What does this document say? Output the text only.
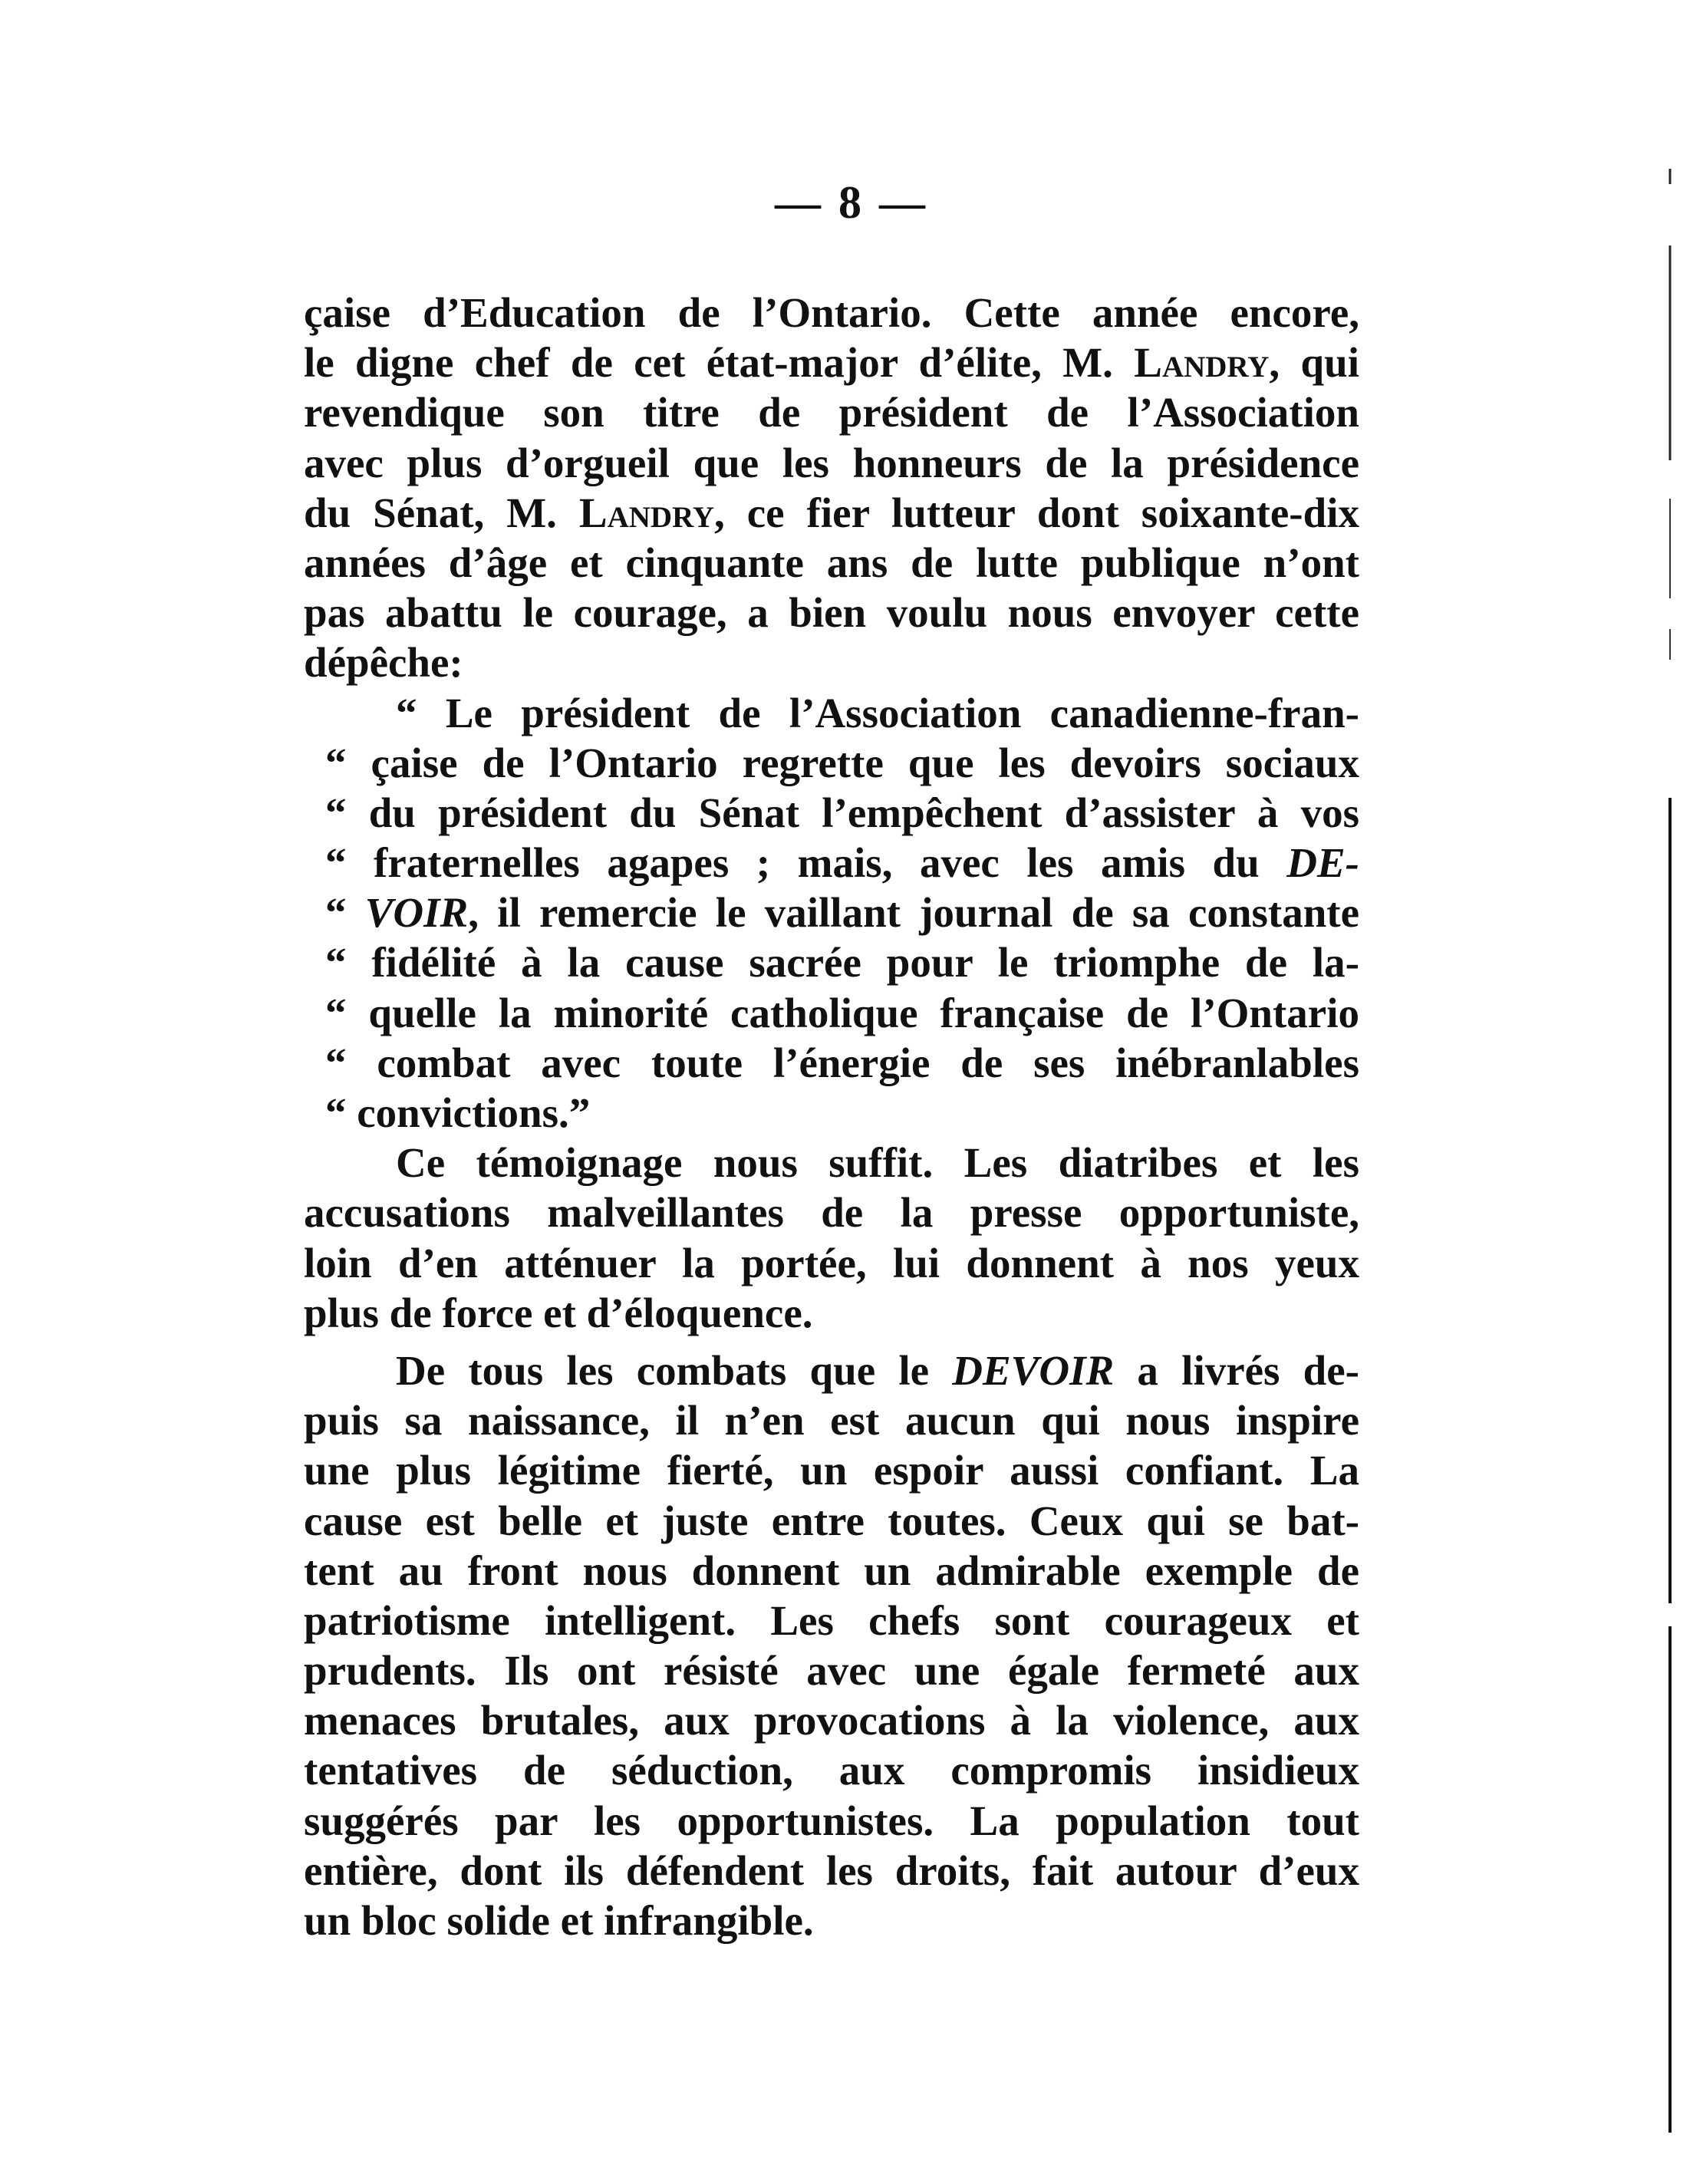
— 8 —
çaise d’Education de l’Ontario. Cette année encore,
le digne chef de cet état-major d’élite, M. Landry, qui
revendique son titre de président de l’Association
avec plus d’orgueil que les honneurs de la présidence
du Sénat, M. Landry, ce fier lutteur dont soixante-dix
années d’âge et cinquante ans de lutte publique n’ont
pas abattu le courage, a bien voulu nous envoyer cette
dépêche:
“ Le président de l’Association canadienne-fran-
“ çaise de l’Ontario regrette que les devoirs sociaux
“ du président du Sénat l’empêchent d’assister à vos
“ fraternelles agapes ; mais, avec les amis du DE-
“ VOIR, il remercie le vaillant journal de sa constante
“ fidélité à la cause sacrée pour le triomphe de la-
“ quelle la minorité catholique française de l’Ontario
“ combat avec toute l’énergie de ses inébranlables
“ convictions.”
Ce témoignage nous suffit. Les diatribes et les
accusations malveillantes de la presse opportuniste,
loin d’en atténuer la portée, lui donnent à nos yeux
plus de force et d’éloquence.
De tous les combats que le DEVOIR a livrés de-
puis sa naissance, il n’en est aucun qui nous inspire
une plus légitime fierté, un espoir aussi confiant. La
cause est belle et juste entre toutes. Ceux qui se bat-
tent au front nous donnent un admirable exemple de
patriotisme intelligent. Les chefs sont courageux et
prudents. Ils ont résisté avec une égale fermeté aux
menaces brutales, aux provocations à la violence, aux
tentatives de séduction, aux compromis insidieux
suggérés par les opportunistes. La population tout
entière, dont ils défendent les droits, fait autour d’eux
un bloc solide et infrangible.
